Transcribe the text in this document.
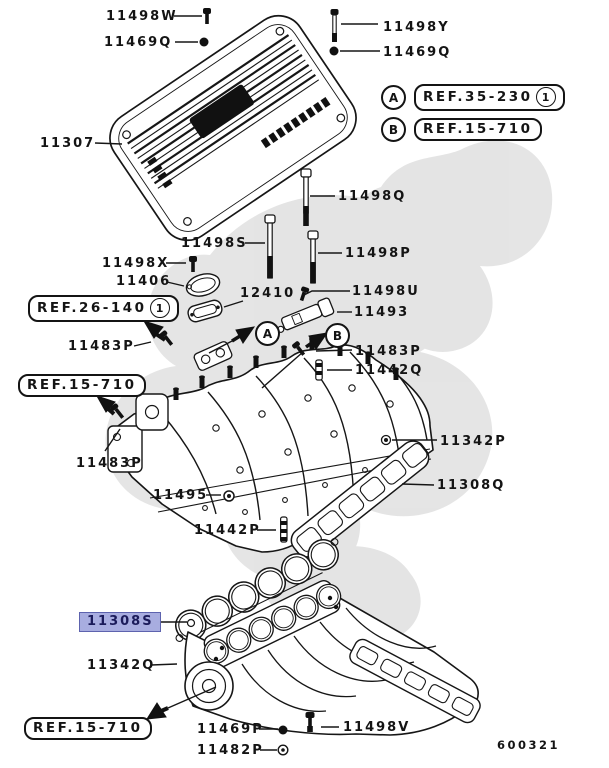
11498W
11469Q
11498Y
11469Q
11307
11498Q
11498S
11498P
11498X
11406
12410	11498U
11493
11483P	11483P
11442Q
11483P
11342P
11308Q
11495
11442P
11308S
11342Q
11469P
11482P
11498V
A	REF.35-230 1
B	REF.15-710
REF.26-140 1
REF.15-710
REF.15-710
A	B
600321
